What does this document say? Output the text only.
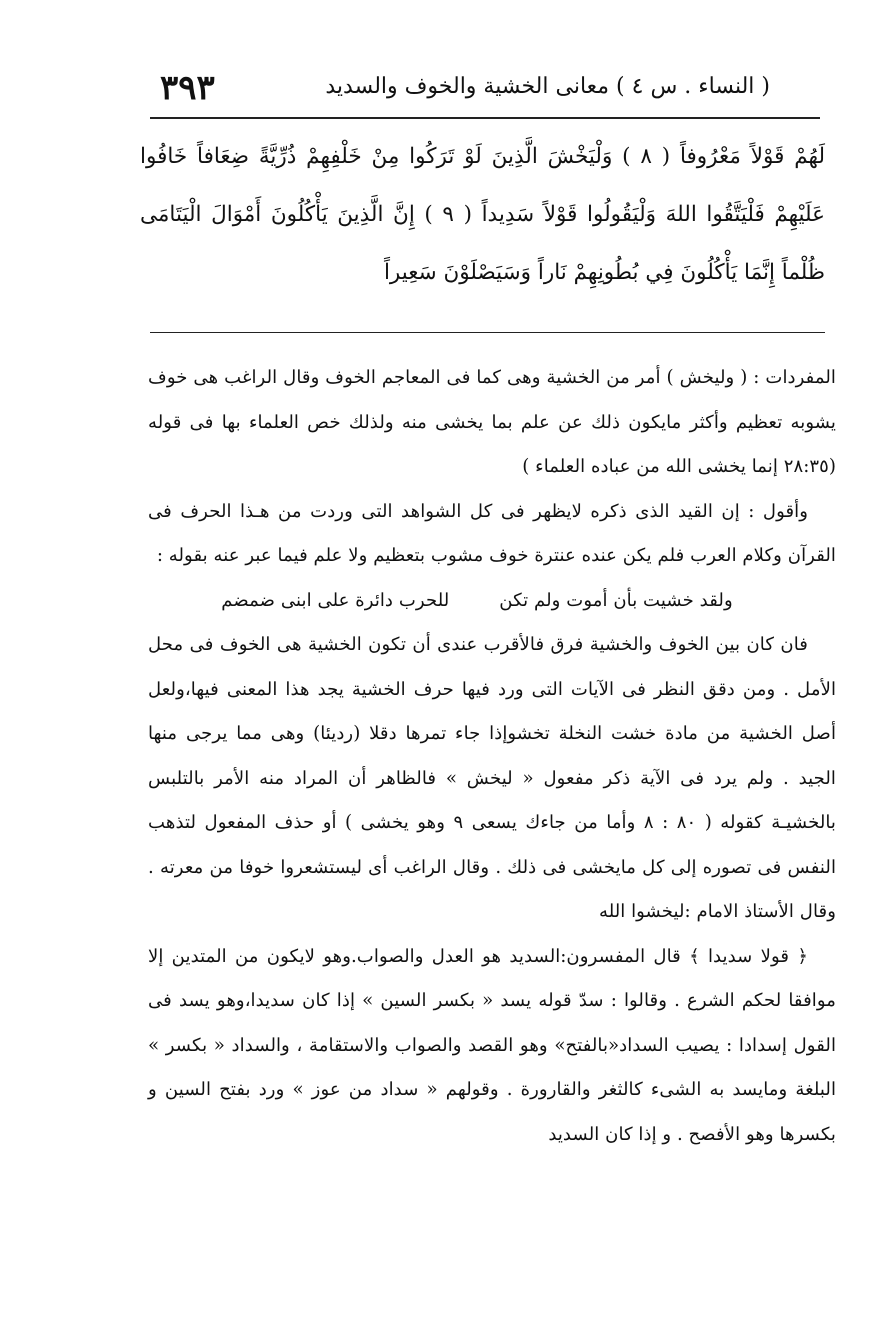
( النساء . س ٤ ) معانى الخشية والخوف والسديد
٣٩٣
لَهُمْ قَوْلاً مَعْرُوفاً ( ٨ ) وَلْيَخْشَ الَّذِينَ لَوْ تَرَكُوا مِنْ خَلْفِهِمْ ذُرِّيَّةً ضِعَافاً خَافُوا عَلَيْهِمْ فَلْيَتَّقُوا اللهَ وَلْيَقُولُوا قَوْلاً سَدِيداً ( ٩ ) إِنَّ الَّذِينَ يَأْكُلُونَ أَمْوَالَ الْيَتَامَى ظُلْماً إِنَّمَا يَأْكُلُونَ فِي بُطُونِهِمْ نَاراً وَسَيَصْلَوْنَ سَعِيراً

المفردات : ( وليخش ) أمر من الخشية وهى كما فى المعاجم الخوف وقال الراغب هى خوف يشوبه تعظيم وأكثر مايكون ذلك عن علم بما يخشى منه ولذلك خص العلماء بها فى قوله (٢٨:٣٥ إنما يخشى الله من عباده العلماء )

وأقول : إن القيد الذى ذكره لايظهر فى كل الشواهد التى وردت من هـذا الحرف فى القرآن وكلام العرب فلم يكن عنده عنترة خوف مشوب بتعظيم ولا علم فيما عبر عنه بقوله :

ولقد خشيت بأن أموت ولم تكن
للحرب دائرة على ابنى ضمضم

فان كان بين الخوف والخشية فرق فالأقرب عندى أن تكون الخشية هى الخوف فى محل الأمل . ومن دقق النظر فى الآيات التى ورد فيها حرف الخشية يجد هذا المعنى فيها،ولعل أصل الخشية من مادة خشت النخلة تخشوإذا جاء تمرها دقلا (رديئا) وهى مما يرجى منها الجيد . ولم يرد فى الآية ذكر مفعول « ليخش » فالظاهر أن المراد منه الأمر بالتلبس بالخشيـة كقوله ( ٨٠ : ٨ وأما من جاءك يسعى ٩ وهو يخشى ) أو حذف المفعول لتذهب النفس فى تصوره إلى كل مايخشى فى ذلك . وقال الراغب أى ليستشعروا خوفا من معرته . وقال الأستاذ الامام :ليخشوا الله

﴿ قولا سديدا ﴾ قال المفسرون:السديد هو العدل والصواب.وهو لايكون من المتدين إلا موافقا لحكم الشرع . وقالوا : سدّ قوله يسد « بكسر السين » إذا كان سديدا،وهو يسد فى القول إسدادا : يصيب السداد«بالفتح» وهو القصد والصواب والاستقامة ، والسداد « بكسر » البلغة ومايسد به الشىء كالثغر والقارورة . وقولهم « سداد من عوز » ورد بفتح السين و بكسرها وهو الأفصح . و إذا كان السديد
